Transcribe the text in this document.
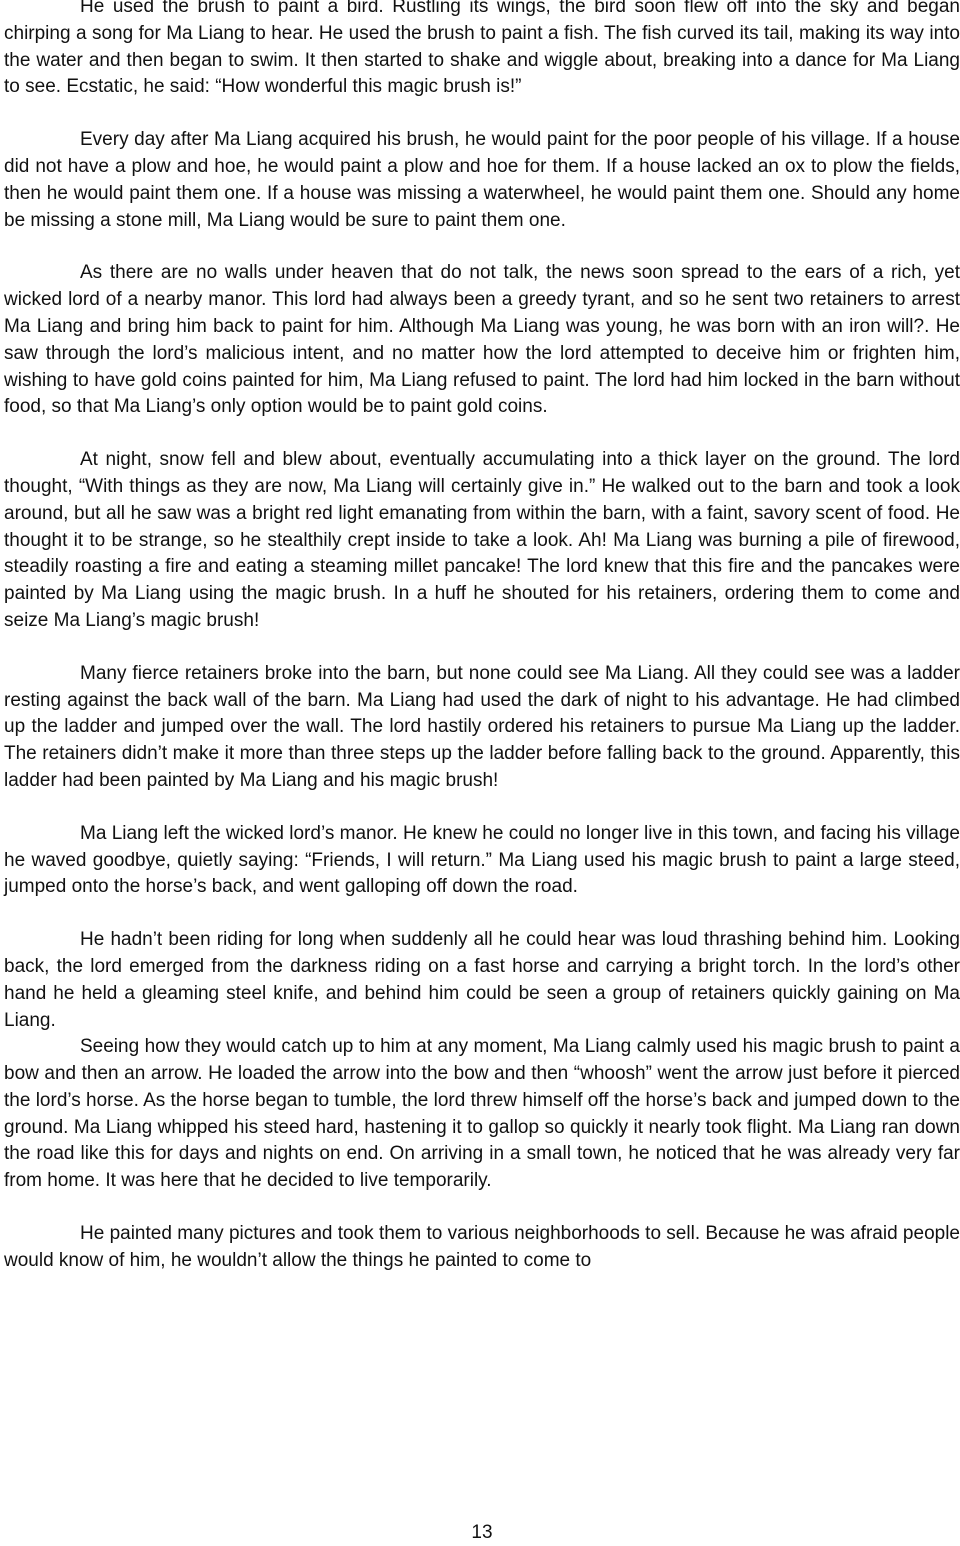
He used the brush to paint a bird. Rustling its wings, the bird soon flew off into the sky and began chirping a song for Ma Liang to hear. He used the brush to paint a fish. The fish curved its tail, making its way into the water and then began to swim. It then started to shake and wiggle about, breaking into a dance for Ma Liang to see. Ecstatic, he said: “How wonderful this magic brush is!”

Every day after Ma Liang acquired his brush, he would paint for the poor people of his village. If a house did not have a plow and hoe, he would paint a plow and hoe for them. If a house lacked an ox to plow the fields, then he would paint them one. If a house was missing a waterwheel, he would paint them one. Should any home be missing a stone mill, Ma Liang would be sure to paint them one.

As there are no walls under heaven that do not talk, the news soon spread to the ears of a rich, yet wicked lord of a nearby manor. This lord had always been a greedy tyrant, and so he sent two retainers to arrest Ma Liang and bring him back to paint for him. Although Ma Liang was young, he was born with an iron will?. He saw through the lord’s malicious intent, and no matter how the lord attempted to deceive him or frighten him, wishing to have gold coins painted for him, Ma Liang refused to paint. The lord had him locked in the barn without food, so that Ma Liang’s only option would be to paint gold coins.

At night, snow fell and blew about, eventually accumulating into a thick layer on the ground. The lord thought, “With things as they are now, Ma Liang will certainly give in.” He walked out to the barn and took a look around, but all he saw was a bright red light emanating from within the barn, with a faint, savory scent of food. He thought it to be strange, so he stealthily crept inside to take a look. Ah! Ma Liang was burning a pile of firewood, steadily roasting a fire and eating a steaming millet pancake! The lord knew that this fire and the pancakes were painted by Ma Liang using the magic brush. In a huff he shouted for his retainers, ordering them to come and seize Ma Liang’s magic brush!

Many fierce retainers broke into the barn, but none could see Ma Liang. All they could see was a ladder resting against the back wall of the barn. Ma Liang had used the dark of night to his advantage. He had climbed up the ladder and jumped over the wall. The lord hastily ordered his retainers to pursue Ma Liang up the ladder. The retainers didn’t make it more than three steps up the ladder before falling back to the ground. Apparently, this ladder had been painted by Ma Liang and his magic brush!

Ma Liang left the wicked lord’s manor. He knew he could no longer live in this town, and facing his village he waved goodbye, quietly saying: “Friends, I will return.” Ma Liang used his magic brush to paint a large steed, jumped onto the horse’s back, and went galloping off down the road.

He hadn’t been riding for long when suddenly all he could hear was loud thrashing behind him. Looking back, the lord emerged from the darkness riding on a fast horse and carrying a bright torch. In the lord’s other hand he held a gleaming steel knife, and behind him could be seen a group of retainers quickly gaining on Ma Liang.

Seeing how they would catch up to him at any moment, Ma Liang calmly used his magic brush to paint a bow and then an arrow. He loaded the arrow into the bow and then “whoosh” went the arrow just before it pierced the lord’s horse. As the horse began to tumble, the lord threw himself off the horse’s back and jumped down to the ground. Ma Liang whipped his steed hard, hastening it to gallop so quickly it nearly took flight. Ma Liang ran down the road like this for days and nights on end. On arriving in a small town, he noticed that he was already very far from home. It was here that he decided to live temporarily.

He painted many pictures and took them to various neighborhoods to sell. Because he was afraid people would know of him, he wouldn’t allow the things he painted to come to

13
